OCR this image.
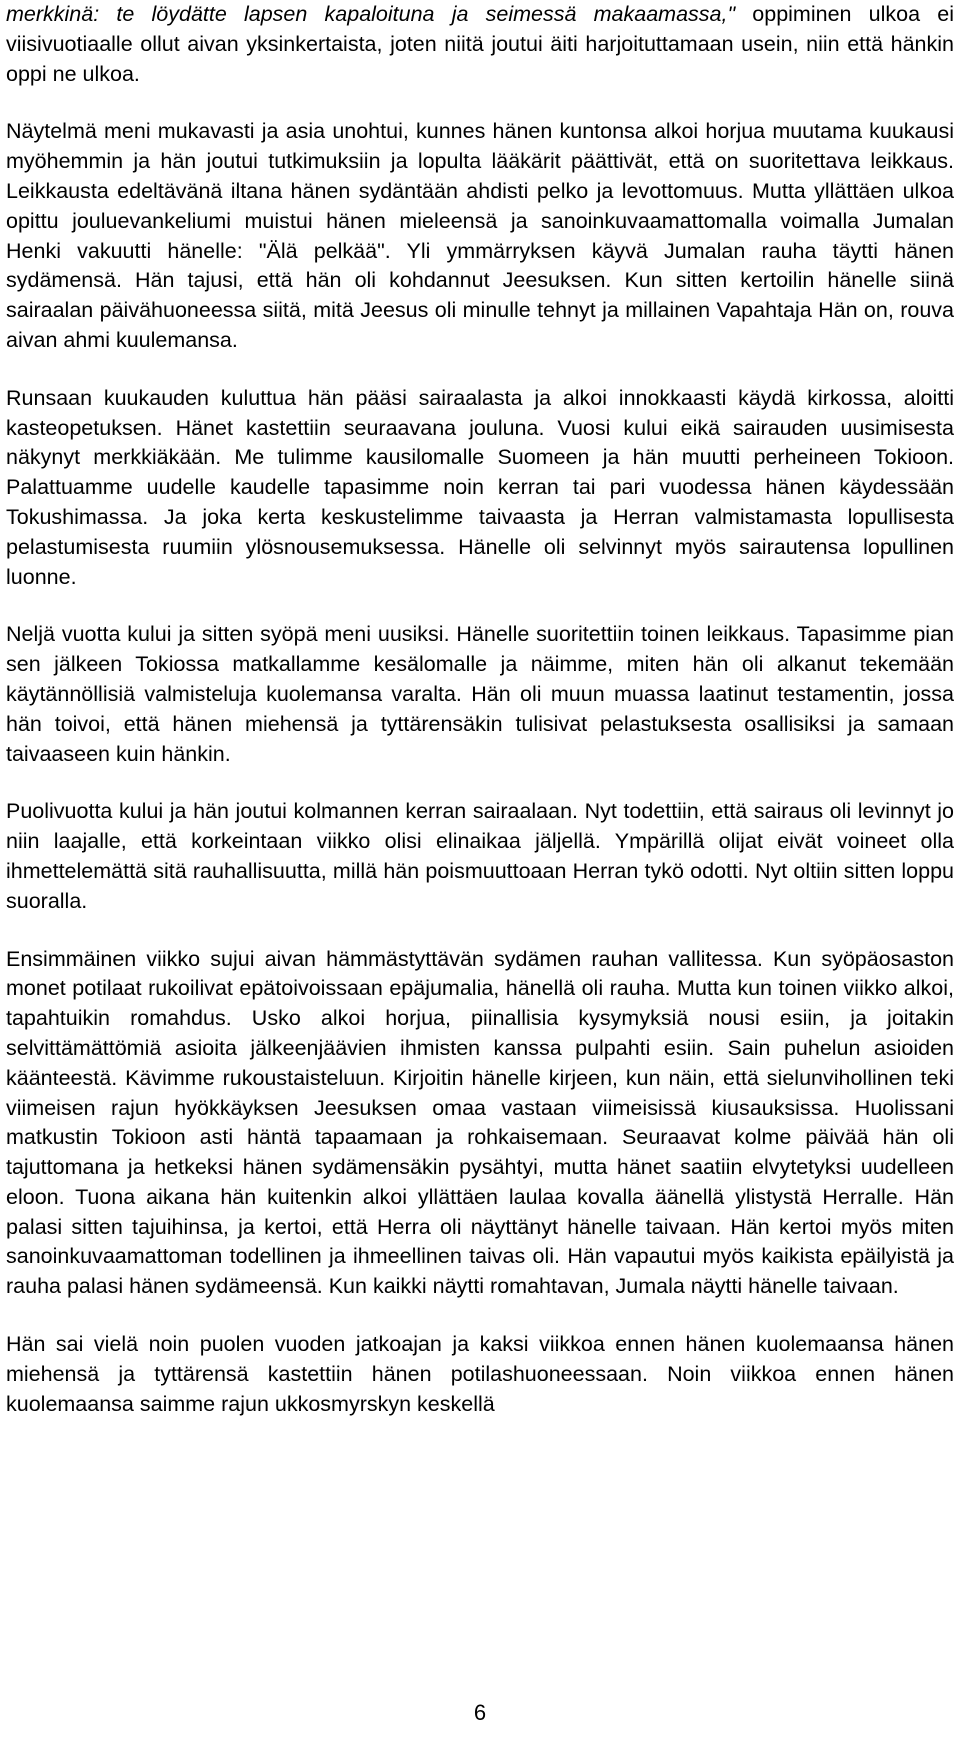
merkkinä: te löydätte lapsen kapaloituna ja seimessä makaamassa," oppiminen ulkoa ei viisivuotiaalle ollut aivan yksinkertaista, joten niitä joutui äiti harjoituttamaan usein, niin että hänkin oppi ne ulkoa.

Näytelmä meni mukavasti ja asia unohtui, kunnes hänen kuntonsa alkoi horjua muutama kuukausi myöhemmin ja hän joutui tutkimuksiin ja lopulta lääkärit päättivät, että on suoritettava leikkaus. Leikkausta edeltävänä iltana hänen sydäntään ahdisti pelko ja levottomuus. Mutta yllättäen ulkoa opittu jouluevankeliumi muistui hänen mieleensä ja sanoinkuvaamattomalla voimalla Jumalan Henki vakuutti hänelle: "Älä pelkää". Yli ymmärryksen käyvä Jumalan rauha täytti hänen sydämensä. Hän tajusi, että hän oli kohdannut Jeesuksen. Kun sitten kertoilin hänelle siinä sairaalan päivähuoneessa siitä, mitä Jeesus oli minulle tehnyt ja millainen Vapahtaja Hän on, rouva aivan ahmi kuulemansa.

Runsaan kuukauden kuluttua hän pääsi sairaalasta ja alkoi innokkaasti käydä kirkossa, aloitti kasteopetuksen. Hänet kastettiin seuraavana jouluna. Vuosi kului eikä sairauden uusimisesta näkynyt merkkiäkään. Me tulimme kausilomalle Suomeen ja hän muutti perheineen Tokioon. Palattuamme uudelle kaudelle tapasimme noin kerran tai pari vuodessa hänen käydessään Tokushimassa. Ja joka kerta keskustelimme taivaasta ja Herran valmistamasta lopullisesta pelastumisesta ruumiin ylösnousemuksessa. Hänelle oli selvinnyt myös sairautensa lopullinen luonne.

Neljä vuotta kului ja sitten syöpä meni uusiksi. Hänelle suoritettiin toinen leikkaus. Tapasimme pian sen jälkeen Tokiossa matkallamme kesälomalle ja näimme, miten hän oli alkanut tekemään käytännöllisiä valmisteluja kuolemansa varalta. Hän oli muun muassa laatinut testamentin, jossa hän toivoi, että hänen miehensä ja tyttärensäkin tulisivat pelastuksesta osallisiksi ja samaan taivaaseen kuin hänkin.

Puolivuotta kului ja hän joutui kolmannen kerran sairaalaan. Nyt todettiin, että sairaus oli levinnyt jo niin laajalle, että korkeintaan viikko olisi elinaikaa jäljellä. Ympärillä olijat eivät voineet olla ihmettelemättä sitä rauhallisuutta, millä hän poismuuttoaan Herran tykö odotti. Nyt oltiin sitten loppu suoralla.

Ensimmäinen viikko sujui aivan hämmästyttävän sydämen rauhan vallitessa. Kun syöpäosaston monet potilaat rukoilivat epätoivoissaan epäjumalia, hänellä oli rauha. Mutta kun toinen viikko alkoi, tapahtuikin romahdus. Usko alkoi horjua, piinallisia kysymyksiä nousi esiin, ja joitakin selvittämättömiä asioita jälkeenjäävien ihmisten kanssa pulpahti esiin. Sain puhelun asioiden käänteestä. Kävimme rukoustaisteluun. Kirjoitin hänelle kirjeen, kun näin, että sielunvihollinen teki viimeisen rajun hyökkäyksen Jeesuksen omaa vastaan viimeisissä kiusauksissa. Huolissani matkustin Tokioon asti häntä tapaamaan ja rohkaisemaan. Seuraavat kolme päivää hän oli tajuttomana ja hetkeksi hänen sydämensäkin pysähtyi, mutta hänet saatiin elvytetyksi uudelleen eloon. Tuona aikana hän kuitenkin alkoi yllättäen laulaa kovalla äänellä ylistystä Herralle. Hän palasi sitten tajuihinsa, ja kertoi, että Herra oli näyttänyt hänelle taivaan. Hän kertoi myös miten sanoinkuvaamattoman todellinen ja ihmeellinen taivas oli. Hän vapautui myös kaikista epäilyistä ja rauha palasi hänen sydämeensä. Kun kaikki näytti romahtavan, Jumala näytti hänelle taivaan.

Hän sai vielä noin puolen vuoden jatkoajan ja kaksi viikkoa ennen hänen kuolemaansa hänen miehensä ja tyttärensä kastettiin hänen potilashuoneessaan. Noin viikkoa ennen hänen kuolemaansa saimme rajun ukkosmyrskyn keskellä

6
